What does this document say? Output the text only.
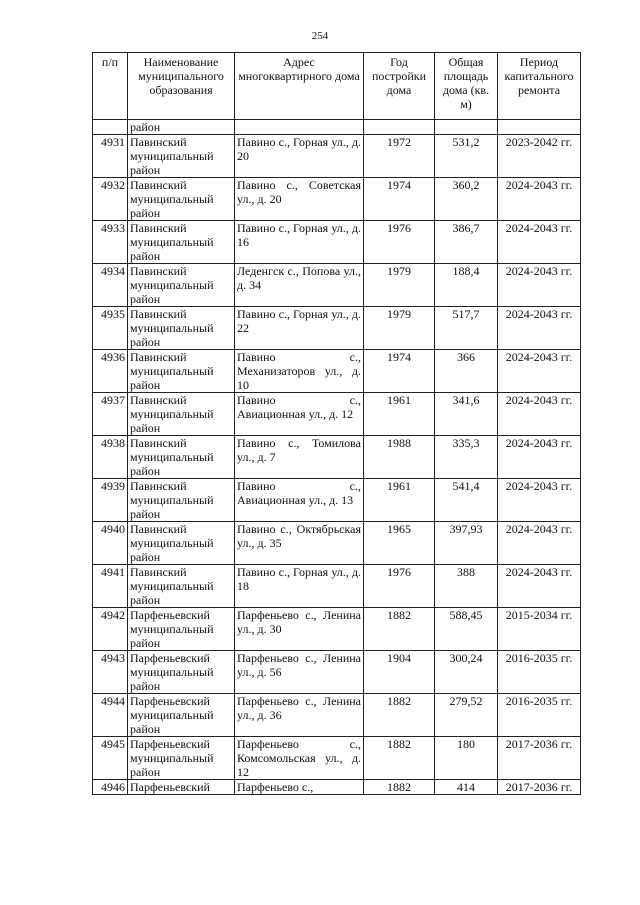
254
п/п	Наименование муниципального образования	Адрес многоквартирного дома	Год постройки дома	Общая площадь дома (кв. м)	Период капитального ремонта
	район				
4931	Павинский муниципальный район	Павино с., Горная ул., д. 20	1972	531,2	2023-2042 гг.
4932	Павинский муниципальный район	Павино с., Советская ул., д. 20	1974	360,2	2024-2043 гг.
4933	Павинский муниципальный район	Павино с., Горная ул., д. 16	1976	386,7	2024-2043 гг.
4934	Павинский муниципальный район	Леденгск с., Попова ул., д. 34	1979	188,4	2024-2043 гг.
4935	Павинский муниципальный район	Павино с., Горная ул., д. 22	1979	517,7	2024-2043 гг.
4936	Павинский муниципальный район	Павино с., Механизаторов ул., д. 10	1974	366	2024-2043 гг.
4937	Павинский муниципальный район	Павино с., Авиационная ул., д. 12	1961	341,6	2024-2043 гг.
4938	Павинский муниципальный район	Павино с., Томилова ул., д. 7	1988	335,3	2024-2043 гг.
4939	Павинский муниципальный район	Павино с., Авиационная ул., д. 13	1961	541,4	2024-2043 гг.
4940	Павинский муниципальный район	Павино с., Октябрьская ул., д. 35	1965	397,93	2024-2043 гг.
4941	Павинский муниципальный район	Павино с., Горная ул., д. 18	1976	388	2024-2043 гг.
4942	Парфеньевский муниципальный район	Парфеньево с., Ленина ул., д. 30	1882	588,45	2015-2034 гг.
4943	Парфеньевский муниципальный район	Парфеньево с., Ленина ул., д. 56	1904	300,24	2016-2035 гг.
4944	Парфеньевский муниципальный район	Парфеньево с., Ленина ул., д. 36	1882	279,52	2016-2035 гг.
4945	Парфеньевский муниципальный район	Парфеньево с., Комсомольская ул., д. 12	1882	180	2017-2036 гг.
4946	Парфеньевский	Парфеньево с.,	1882	414	2017-2036 гг.
